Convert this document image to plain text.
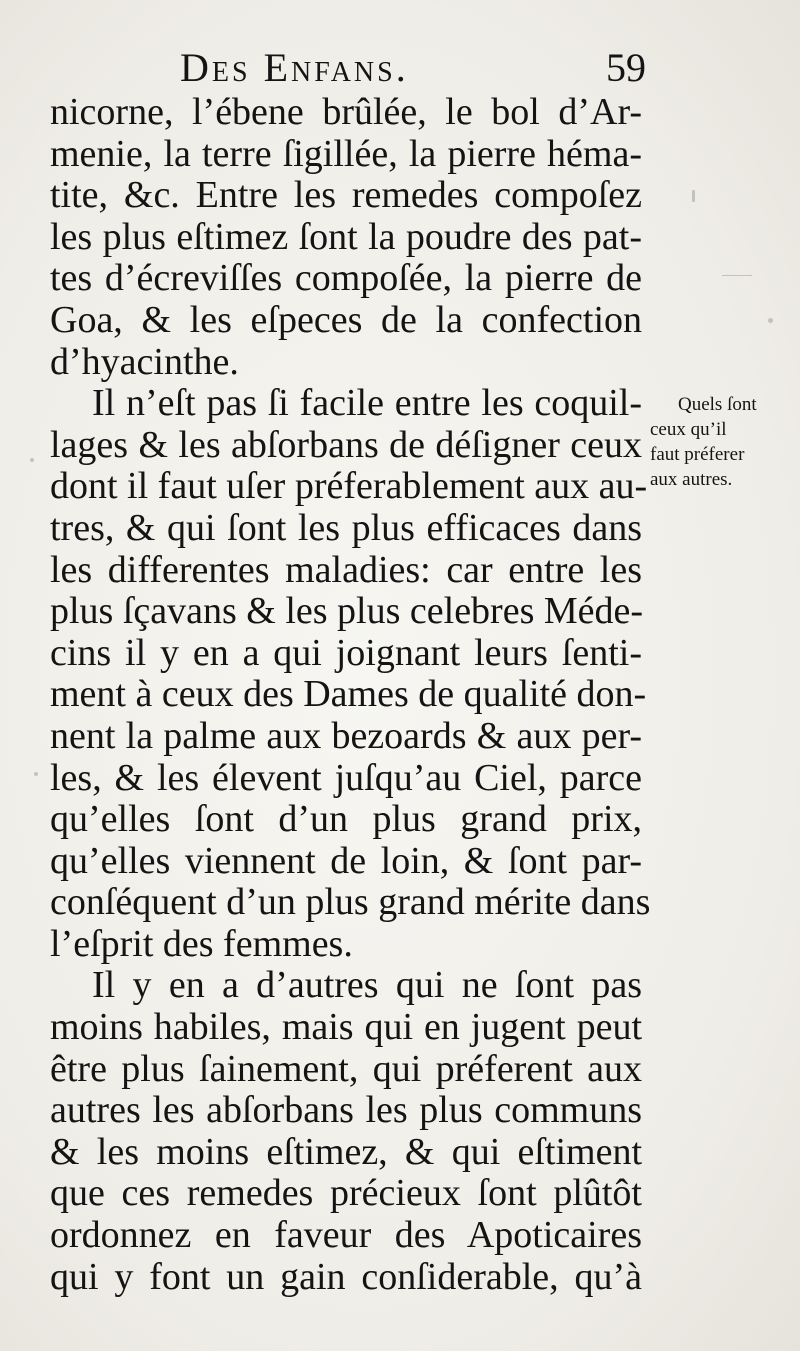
Des Enfans.	59
nicorne, l’ébene brûlée, le bol d’Ar-
menie, la terre ſigillée, la pierre héma-
tite, &c. Entre les remedes compoſez
les plus eſtimez ſont la poudre des pat-
tes d’écreviſſes compoſée, la pierre de
Goa, & les eſpeces de la confection
d’hyacinthe.
Il n’eſt pas ſi facile entre les coquil-
lages & les abſorbans de déſigner ceux
dont il faut uſer préferablement aux au-
tres, & qui ſont les plus efficaces dans
les differentes maladies: car entre les
plus ſçavans & les plus celebres Méde-
cins il y en a qui joignant leurs ſenti-
ment à ceux des Dames de qualité don-
nent la palme aux bezoards & aux per-
les, & les élevent juſqu’au Ciel, parce
qu’elles ſont d’un plus grand prix,
qu’elles viennent de loin, & ſont par-
conſéquent d’un plus grand mérite dans
l’eſprit des femmes.
Il y en a d’autres qui ne ſont pas
moins habiles, mais qui en jugent peut
être plus ſainement, qui préferent aux
autres les abſorbans les plus communs
& les moins eſtimez, & qui eſtiment
que ces remedes précieux ſont plûtôt
ordonnez en faveur des Apoticaires
qui y font un gain conſiderable, qu’à
Quels ſont
ceux qu’il
faut préferer
aux autres.
